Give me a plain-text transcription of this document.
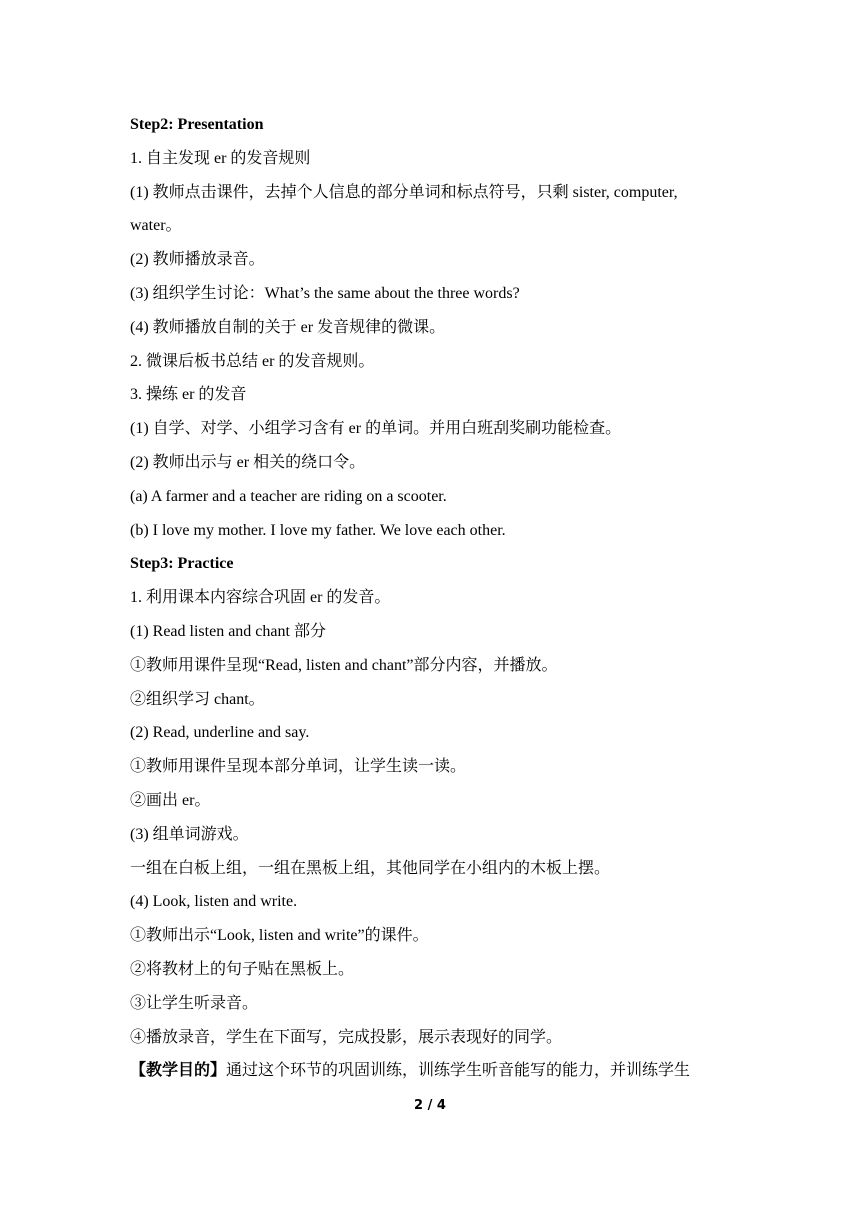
Step2: Presentation
1. 自主发现 er 的发音规则
(1) 教师点击课件，去掉个人信息的部分单词和标点符号，只剩 sister, computer,
water。
(2) 教师播放录音。
(3) 组织学生讨论：What’s the same about the three words?
(4) 教师播放自制的关于 er 发音规律的微课。
2. 微课后板书总结 er 的发音规则。
3. 操练 er 的发音
(1) 自学、对学、小组学习含有 er 的单词。并用白班刮奖刷功能检查。
(2) 教师出示与 er 相关的绕口令。
(a) A farmer and a teacher are riding on a scooter.
(b) I love my mother. I love my father. We love each other.
Step3: Practice
1. 利用课本内容综合巩固 er 的发音。
(1) Read listen and chant 部分
①教师用课件呈现“Read, listen and chant”部分内容，并播放。
②组织学习 chant。
(2) Read, underline and say.
①教师用课件呈现本部分单词，让学生读一读。
②画出 er。
(3) 组单词游戏。
一组在白板上组，一组在黑板上组，其他同学在小组内的木板上摆。
(4) Look, listen and write.
①教师出示“Look, listen and write”的课件。
②将教材上的句子贴在黑板上。
③让学生听录音。
④播放录音，学生在下面写，完成投影，展示表现好的同学。
【教学目的】通过这个环节的巩固训练，训练学生听音能写的能力，并训练学生
2 / 4
